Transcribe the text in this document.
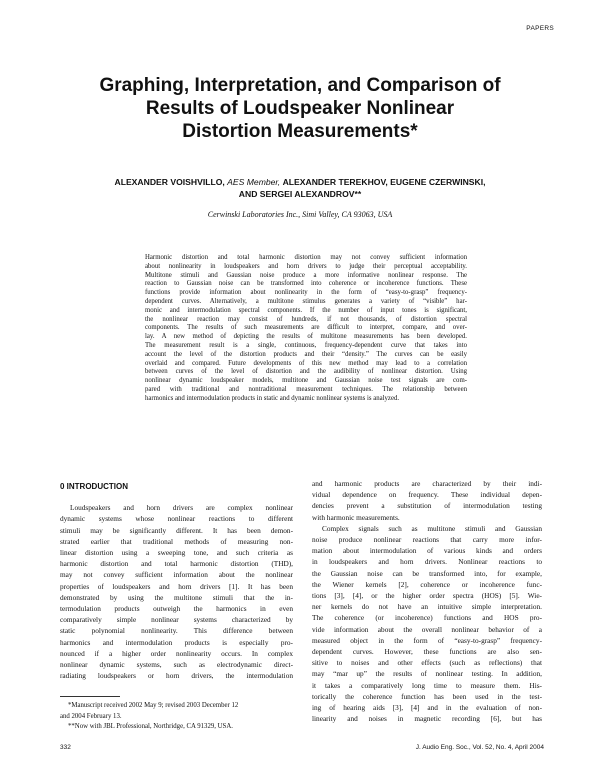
PAPERS
Graphing, Interpretation, and Comparison of
Results of Loudspeaker Nonlinear
Distortion Measurements*
ALEXANDER VOISHVILLO, AES Member, ALEXANDER TEREKHOV, EUGENE CZERWINSKI,
AND SERGEI ALEXANDROV**
Cerwinski Laboratories Inc., Simi Valley, CA 93063, USA
Harmonic distortion and total harmonic distortion may not convey sufficient information
about nonlinearity in loudspeakers and horn drivers to judge their perceptual acceptability.
Multitone stimuli and Gaussian noise produce a more informative nonlinear response. The
reaction to Gaussian noise can be transformed into coherence or incoherence functions. These
functions provide information about nonlinearity in the form of “easy-to-grasp” frequency-
dependent curves. Alternatively, a multitone stimulus generates a variety of “visible” har-
monic and intermodulation spectral components. If the number of input tones is significant,
the nonlinear reaction may consist of hundreds, if not thousands, of distortion spectral
components. The results of such measurements are difficult to interpret, compare, and over-
lay. A new method of depicting the results of multitone measurements has been developed.
The measurement result is a single, continuous, frequency-dependent curve that takes into
account the level of the distortion products and their “density.” The curves can be easily
overlaid and compared. Future developments of this new method may lead to a correlation
between curves of the level of distortion and the audibility of nonlinear distortion. Using
nonlinear dynamic loudspeaker models, multitone and Gaussian noise test signals are com-
pared with traditional and nontraditional measurement techniques. The relationship between
harmonics and intermodulation products in static and dynamic nonlinear systems is analyzed.
0 INTRODUCTION
Loudspeakers and horn drivers are complex nonlinear
dynamic systems whose nonlinear reactions to different
stimuli may be significantly different. It has been demon-
strated earlier that traditional methods of measuring non-
linear distortion using a sweeping tone, and such criteria as
harmonic distortion and total harmonic distortion (THD),
may not convey sufficient information about the nonlinear
properties of loudspeakers and horn drivers [1]. It has been
demonstrated by using the multitone stimuli that the in-
termodulation products outweigh the harmonics in even
comparatively simple nonlinear systems characterized by
static polynomial nonlinearity. This difference between
harmonics and intermodulation products is especially pro-
nounced if a higher order nonlinearity occurs. In complex
nonlinear dynamic systems, such as electrodynamic direct-
radiating loudspeakers or horn drivers, the intermodulation
*Manuscript received 2002 May 9; revised 2003 December 12
and 2004 February 13.
**Now with JBL Professional, Northridge, CA 91329, USA.
and harmonic products are characterized by their indi-
vidual dependence on frequency. These individual depen-
dencies prevent a substitution of intermodulation testing
with harmonic measurements.
Complex signals such as multitone stimuli and Gaussian
noise produce nonlinear reactions that carry more infor-
mation about intermodulation of various kinds and orders
in loudspeakers and horn drivers. Nonlinear reactions to
the Gaussian noise can be transformed into, for example,
the Wiener kernels [2], coherence or incoherence func-
tions [3], [4], or the higher order spectra (HOS) [5]. Wie-
ner kernels do not have an intuitive simple interpretation.
The coherence (or incoherence) functions and HOS pro-
vide information about the overall nonlinear behavior of a
measured object in the form of “easy-to-grasp” frequency-
dependent curves. However, these functions are also sen-
sitive to noises and other effects (such as reflections) that
may “mar up” the results of nonlinear testing. In addition,
it takes a comparatively long time to measure them. His-
torically the coherence function has been used in the test-
ing of hearing aids [3], [4] and in the evaluation of non-
linearity and noises in magnetic recording [6], but has
332	J. Audio Eng. Soc., Vol. 52, No. 4, April 2004
